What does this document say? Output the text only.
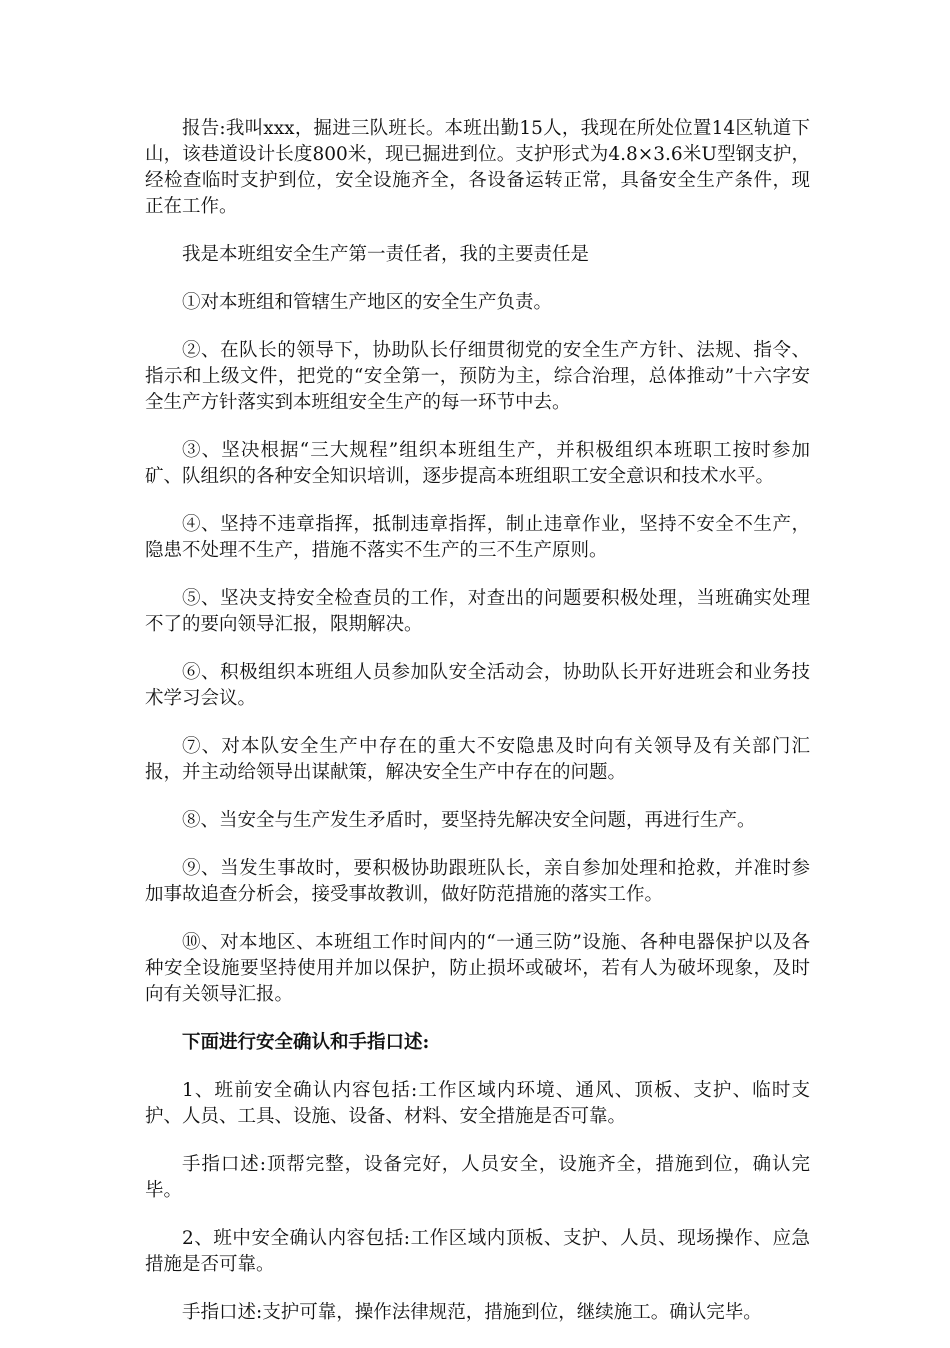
报告:我叫xxx，掘进三队班长。本班出勤15人，我现在所处位置14区轨道下山，该巷道设计长度800米，现已掘进到位。支护形式为4.8×3.6米U型钢支护，经检查临时支护到位，安全设施齐全，各设备运转正常，具备安全生产条件，现正在工作。

我是本班组安全生产第一责任者，我的主要责任是

①对本班组和管辖生产地区的安全生产负责。

②、在队长的领导下，协助队长仔细贯彻党的安全生产方针、法规、指令、指示和上级文件，把党的“安全第一，预防为主，综合治理，总体推动”十六字安全生产方针落实到本班组安全生产的每一环节中去。

③、坚决根据“三大规程”组织本班组生产，并积极组织本班职工按时参加矿、队组织的各种安全知识培训，逐步提高本班组职工安全意识和技术水平。

④、坚持不违章指挥，抵制违章指挥，制止违章作业，坚持不安全不生产，隐患不处理不生产，措施不落实不生产的三不生产原则。

⑤、坚决支持安全检查员的工作，对查出的问题要积极处理，当班确实处理不了的要向领导汇报，限期解决。

⑥、积极组织本班组人员参加队安全活动会，协助队长开好进班会和业务技术学习会议。

⑦、对本队安全生产中存在的重大不安隐患及时向有关领导及有关部门汇报，并主动给领导出谋献策，解决安全生产中存在的问题。

⑧、当安全与生产发生矛盾时，要坚持先解决安全问题，再进行生产。

⑨、当发生事故时，要积极协助跟班队长，亲自参加处理和抢救，并准时参加事故追查分析会，接受事故教训，做好防范措施的落实工作。

⑩、对本地区、本班组工作时间内的“一通三防”设施、各种电器保护以及各种安全设施要坚持使用并加以保护，防止损坏或破坏，若有人为破坏现象，及时向有关领导汇报。

下面进行安全确认和手指口述:

1、班前安全确认内容包括:工作区域内环境、通风、顶板、支护、临时支护、人员、工具、设施、设备、材料、安全措施是否可靠。

手指口述:顶帮完整，设备完好，人员安全，设施齐全，措施到位，确认完毕。

2、班中安全确认内容包括:工作区域内顶板、支护、人员、现场操作、应急措施是否可靠。

手指口述:支护可靠，操作法律规范，措施到位，继续施工。确认完毕。
